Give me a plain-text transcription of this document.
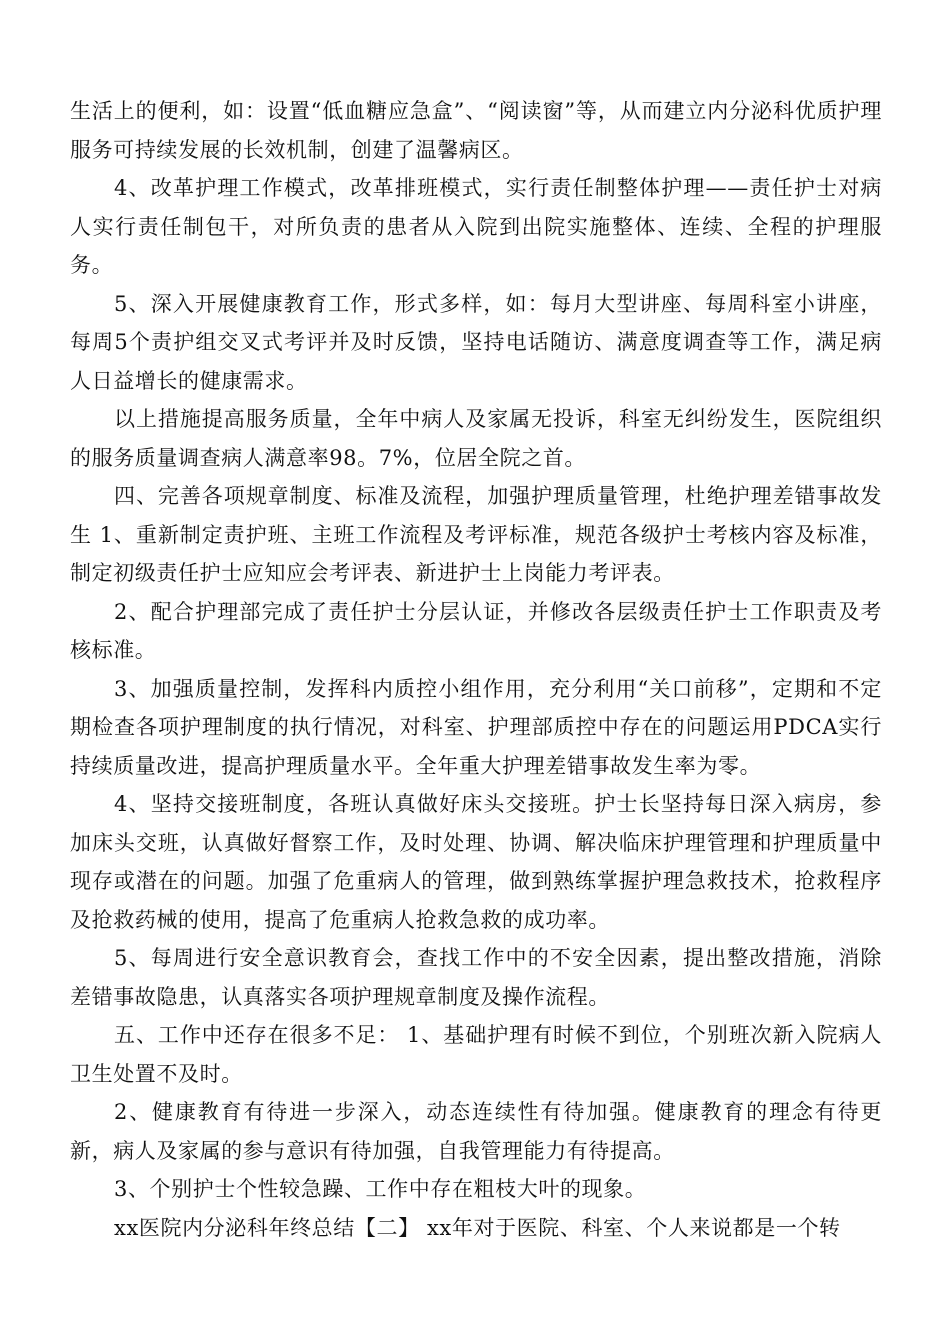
生活上的便利，如：设置“低血糖应急盒”、“阅读窗”等，从而建立内分泌科优质护理服务可持续发展的长效机制，创建了温馨病区。

4、改革护理工作模式，改革排班模式，实行责任制整体护理——责任护士对病人实行责任制包干，对所负责的患者从入院到出院实施整体、连续、全程的护理服务。

5、深入开展健康教育工作，形式多样，如：每月大型讲座、每周科室小讲座，每周5个责护组交叉式考评并及时反馈，坚持电话随访、满意度调查等工作，满足病人日益增长的健康需求。

以上措施提高服务质量，全年中病人及家属无投诉，科室无纠纷发生，医院组织的服务质量调查病人满意率98。7%，位居全院之首。

四、完善各项规章制度、标准及流程，加强护理质量管理，杜绝护理差错事故发生 1、重新制定责护班、主班工作流程及考评标准，规范各级护士考核内容及标准，制定初级责任护士应知应会考评表、新进护士上岗能力考评表。

2、配合护理部完成了责任护士分层认证，并修改各层级责任护士工作职责及考核标准。

3、加强质量控制，发挥科内质控小组作用，充分利用“关口前移”，定期和不定期检查各项护理制度的执行情况，对科室、护理部质控中存在的问题运用PDCA实行持续质量改进，提高护理质量水平。全年重大护理差错事故发生率为零。

4、坚持交接班制度，各班认真做好床头交接班。护士长坚持每日深入病房，参加床头交班，认真做好督察工作，及时处理、协调、解决临床护理管理和护理质量中现存或潜在的问题。加强了危重病人的管理，做到熟练掌握护理急救技术，抢救程序及抢救药械的使用，提高了危重病人抢救急救的成功率。

5、每周进行安全意识教育会，查找工作中的不安全因素，提出整改措施，消除差错事故隐患，认真落实各项护理规章制度及操作流程。

五、工作中还存在很多不足： 1、基础护理有时候不到位，个别班次新入院病人卫生处置不及时。

2、健康教育有待进一步深入，动态连续性有待加强。健康教育的理念有待更新，病人及家属的参与意识有待加强，自我管理能力有待提高。

3、个别护士个性较急躁、工作中存在粗枝大叶的现象。

xx医院内分泌科年终总结【二】 xx年对于医院、科室、个人来说都是一个转
